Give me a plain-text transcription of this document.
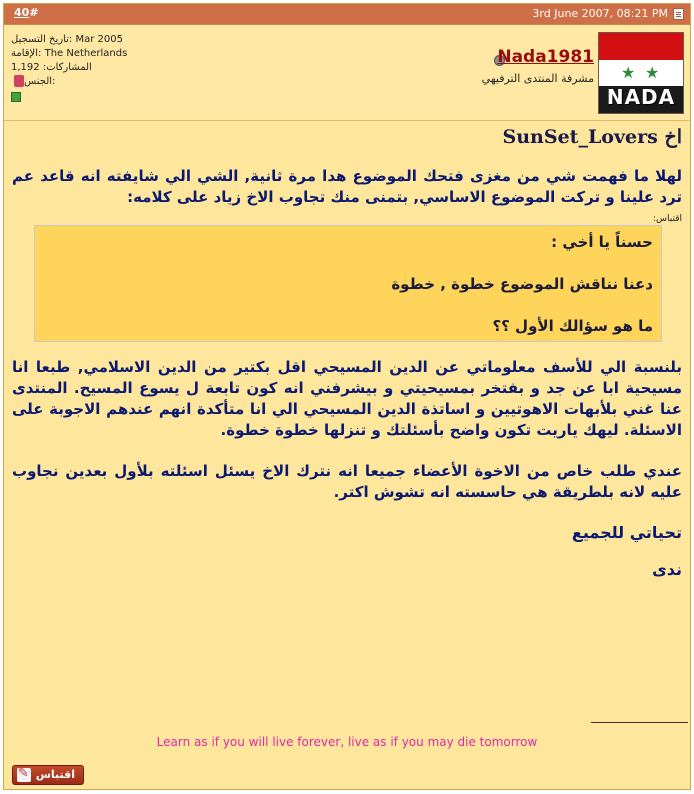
40#	3rd June 2007, 08:21 PM
★ ★
NADA
Nada1981
مشرفة المنتدى الترفيهي
تاريخ التسجيل: Mar 2005
الإقامة: The Netherlands
المشاركات: 1,192
الجنس:
اخ SunSet_Lovers

لهلا ما فهمت شي من مغزى فتحك الموضوع هدا مرة ثانية, الشي الي شايفته انه قاعد عم ترد علينا و تركت الموضوع الاساسي, بتمنى منك تجاوب الاخ زياد على كلامه:

اقتباس:

حسناً يا أخي :

دعنا نناقش الموضوع خطوة , خطوة

ما هو سؤالك الأول ؟؟

بلنسبة الي للأسف معلوماتي عن الدين المسيحي اقل بكتير من الدين الاسلامي, طبعا انا مسيحية ابا عن جد و بفتخر بمسيحيتي و بيشرفني انه كون تابعة ل يسوع المسيح. المنتدى عنا غني بلأبهات الاهوتيين و اساتذة الدين المسيحي الي انا متأكدة انهم عندهم الاجوبة على الاسئلة. ليهك ياريت تكون واضح بأسئلتك و تنزلها خطوة خطوة.

عندي طلب خاص من الاخوة الأعضاء جميعا انه نترك الاخ يسئل اسئلته بلأول بعدين نجاوب عليه لانه بلطريقة هي حاسسته انه تشوش اكتر.

تحياتي للجميع
ندى
Learn as if you will live forever, live as if you may die tomorrow
✎
اقتباس
